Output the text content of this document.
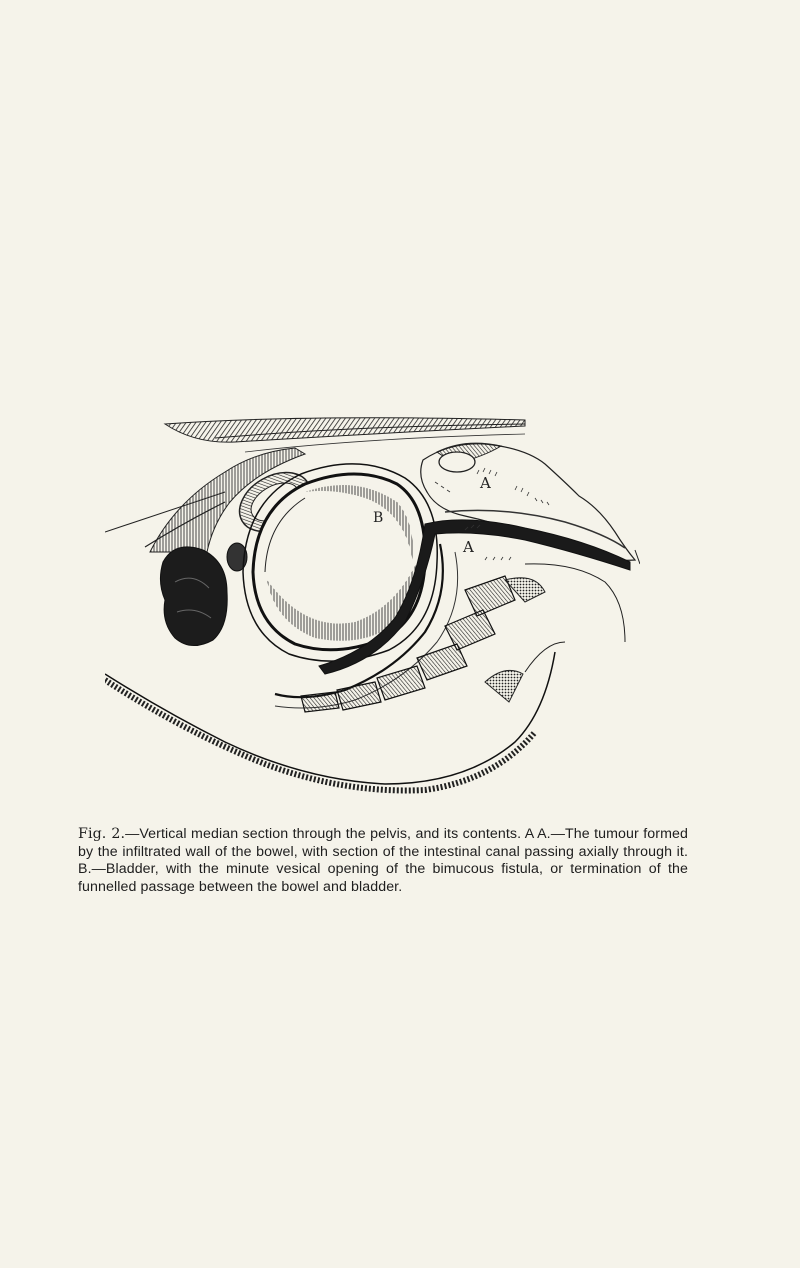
A
B
A
Fig. 2.—Vertical median section through the pelvis, and its contents. A A.—The tumour formed by the infiltrated wall of the bowel, with section of the intestinal canal passing axially through it. B.—Bladder, with the minute vesical opening of the bimucous fistula, or termination of the funnelled passage between the bowel and bladder.
